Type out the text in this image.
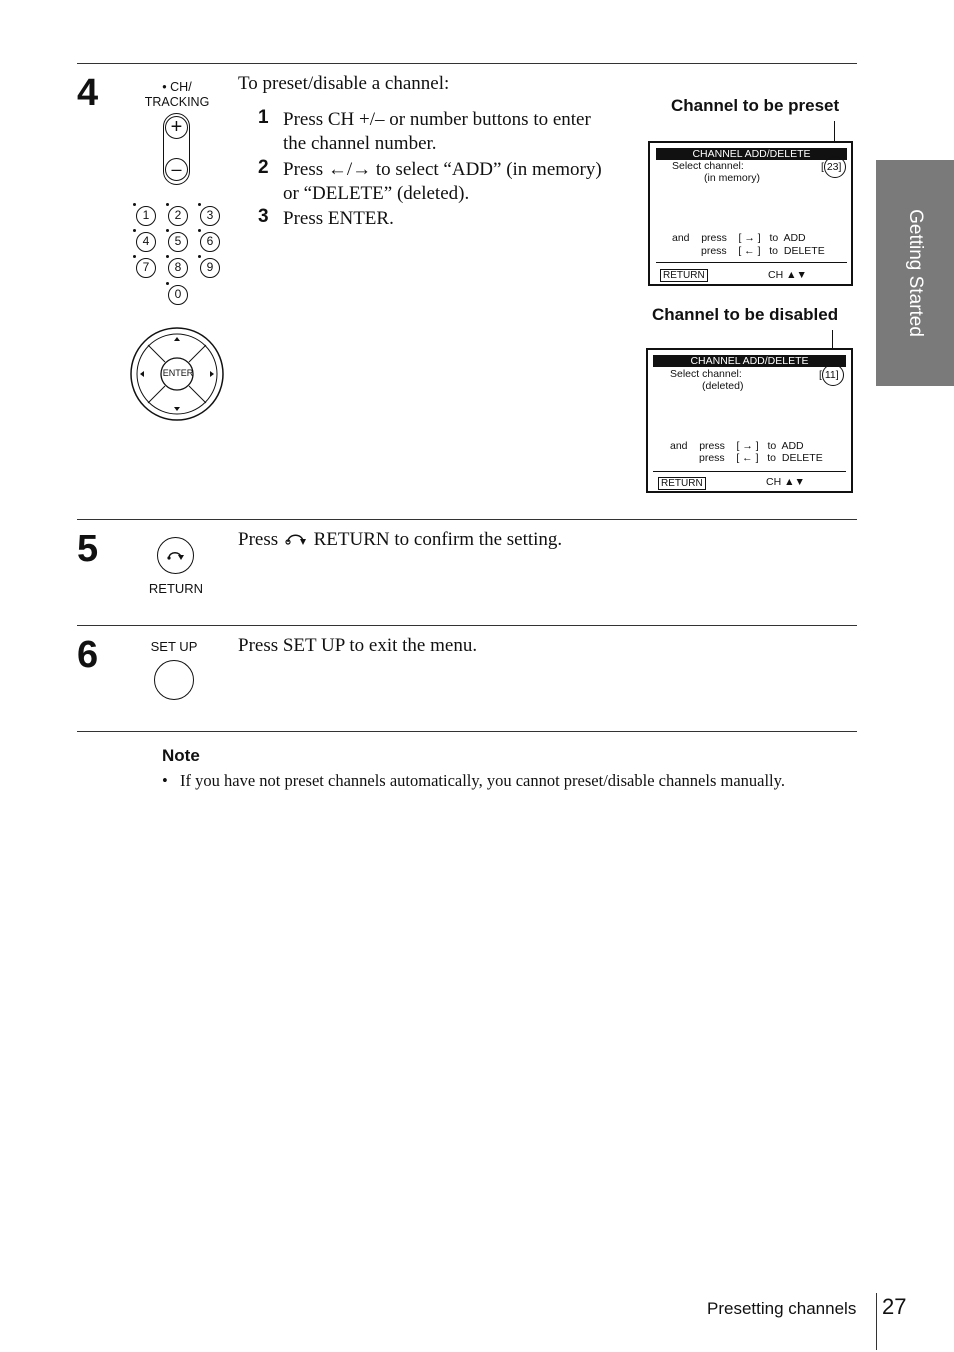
Getting Started
4	• CH/
TRACKING
+
–
1	2	3
4	5	6
7	8	9
0
ENTER
To preset/disable a channel:
1 Press CH +/– or number buttons to enter
the channel number.
2 Press ←/→ to select “ADD” (in memory)
or “DELETE” (deleted).
3 Press ENTER.
Channel to be preset
CHANNEL ADD/DELETE
Select channel:
(in memory)
[ 23]
and    press    [ → ]   to  ADD
press    [ ← ]   to  DELETE
RETURN	CH ▲▼
Channel to be disabled
CHANNEL ADD/DELETE
Select channel:
(deleted)
[ 11]
and    press    [ → ]   to  ADD
press    [ ← ]   to  DELETE
RETURN	CH ▲▼
5
RETURN
Press RETURN to confirm the setting.
6	SET UP	Press SET UP to exit the menu.
Note
• If you have not preset channels automatically, you cannot preset/disable channels manually.
Presetting channels 27
